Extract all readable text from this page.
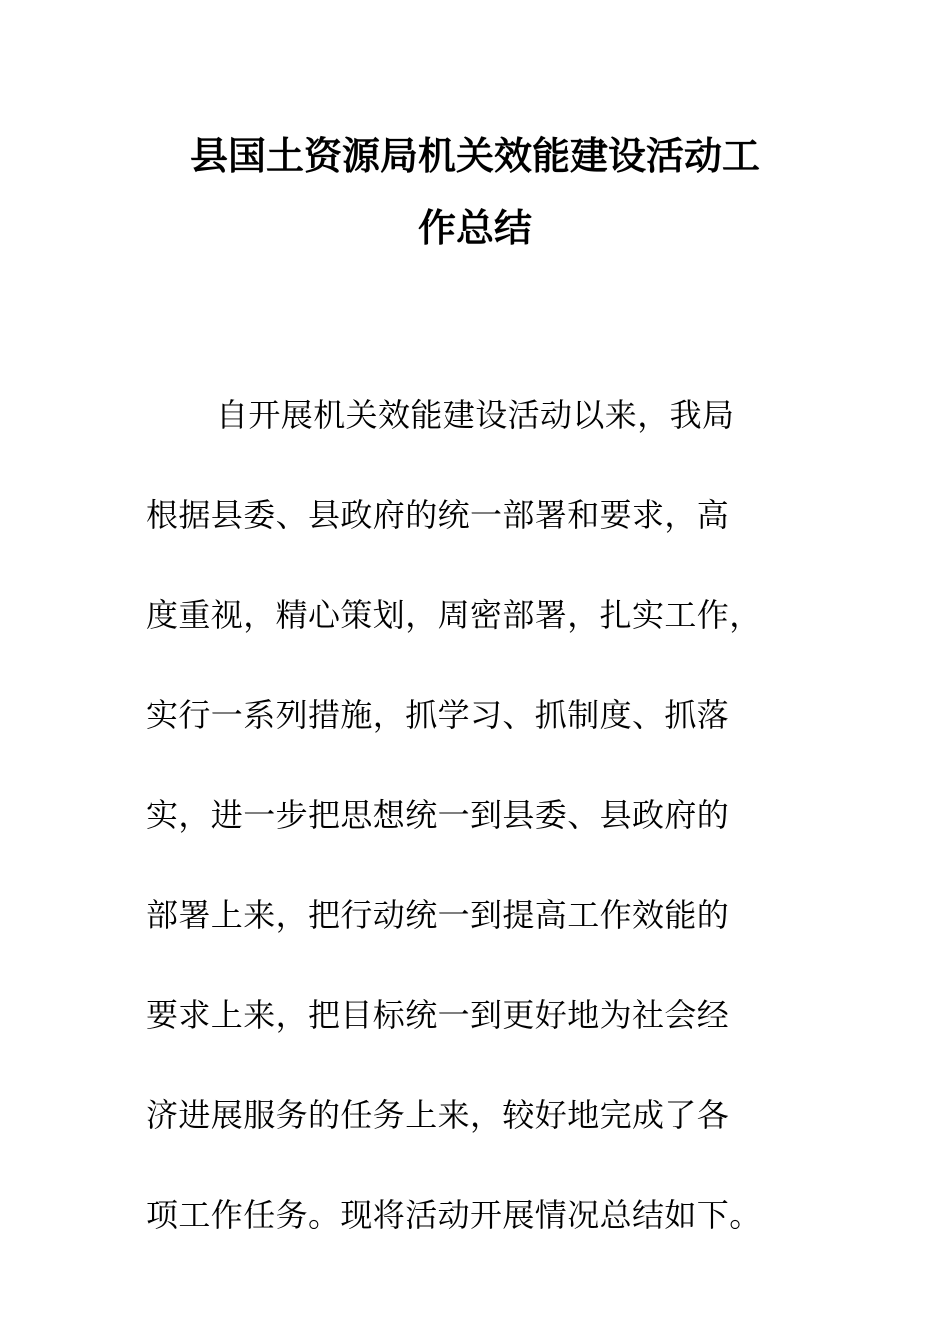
县国土资源局机关效能建设活动工
作总结
自开展机关效能建设活动以来，我局
根据县委、县政府的统一部署和要求，高
度重视，精心策划，周密部署，扎实工作，
实行一系列措施，抓学习、抓制度、抓落
实，进一步把思想统一到县委、县政府的
部署上来，把行动统一到提高工作效能的
要求上来，把目标统一到更好地为社会经
济进展服务的任务上来，较好地完成了各
项工作任务。现将活动开展情况总结如下。
